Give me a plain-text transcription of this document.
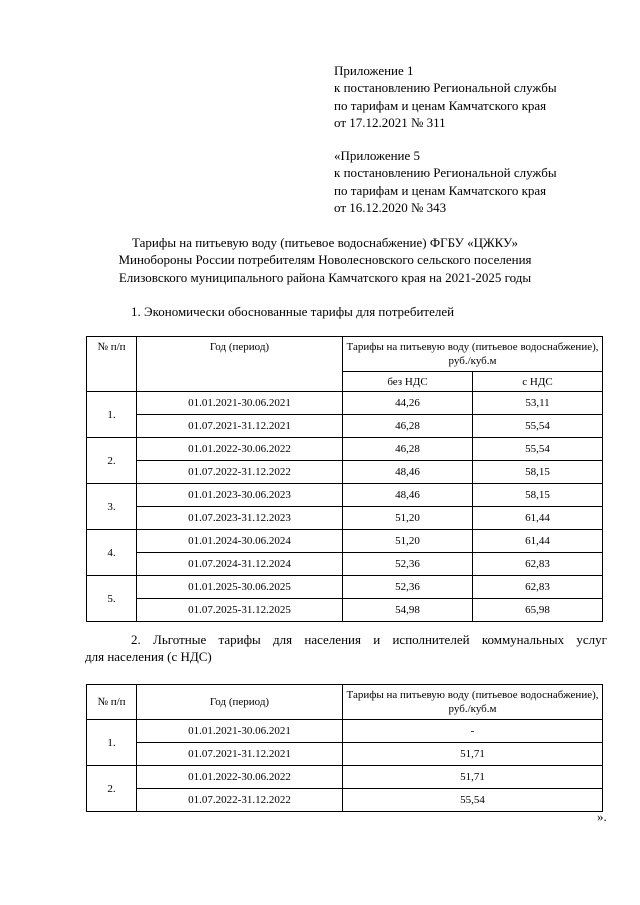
Приложение 1
к постановлению Региональной службы
по тарифам и ценам Камчатского края
от 17.12.2021 № 311
«Приложение 5
к постановлению Региональной службы
по тарифам и ценам Камчатского края
от 16.12.2020 № 343
Тарифы на питьевую воду (питьевое водоснабжение) ФГБУ «ЦЖКУ»
Минобороны России потребителям Новолесновского сельского поселения
Елизовского муниципального района Камчатского края на 2021-2025 годы
1. Экономически обоснованные тарифы для потребителей
№ п/п	Год (период)	Тарифы на питьевую воду (питьевое водоснабжение), руб./куб.м	
		без НДС	с НДС
1.	01.01.2021-30.06.2021	44,26	53,11
	01.07.2021-31.12.2021	46,28	55,54
2.	01.01.2022-30.06.2022	46,28	55,54
	01.07.2022-31.12.2022	48,46	58,15
3.	01.01.2023-30.06.2023	48,46	58,15
	01.07.2023-31.12.2023	51,20	61,44
4.	01.01.2024-30.06.2024	51,20	61,44
	01.07.2024-31.12.2024	52,36	62,83
5.	01.01.2025-30.06.2025	52,36	62,83
	01.07.2025-31.12.2025	54,98	65,98
2. Льготные тарифы для населения и исполнителей коммунальных услуг
для населения (с НДС)
№ п/п	Год (период)	Тарифы на питьевую воду (питьевое водоснабжение), руб./куб.м
1.	01.01.2021-30.06.2021	-
	01.07.2021-31.12.2021	51,71
2.	01.01.2022-30.06.2022	51,71
	01.07.2022-31.12.2022	55,54
».
